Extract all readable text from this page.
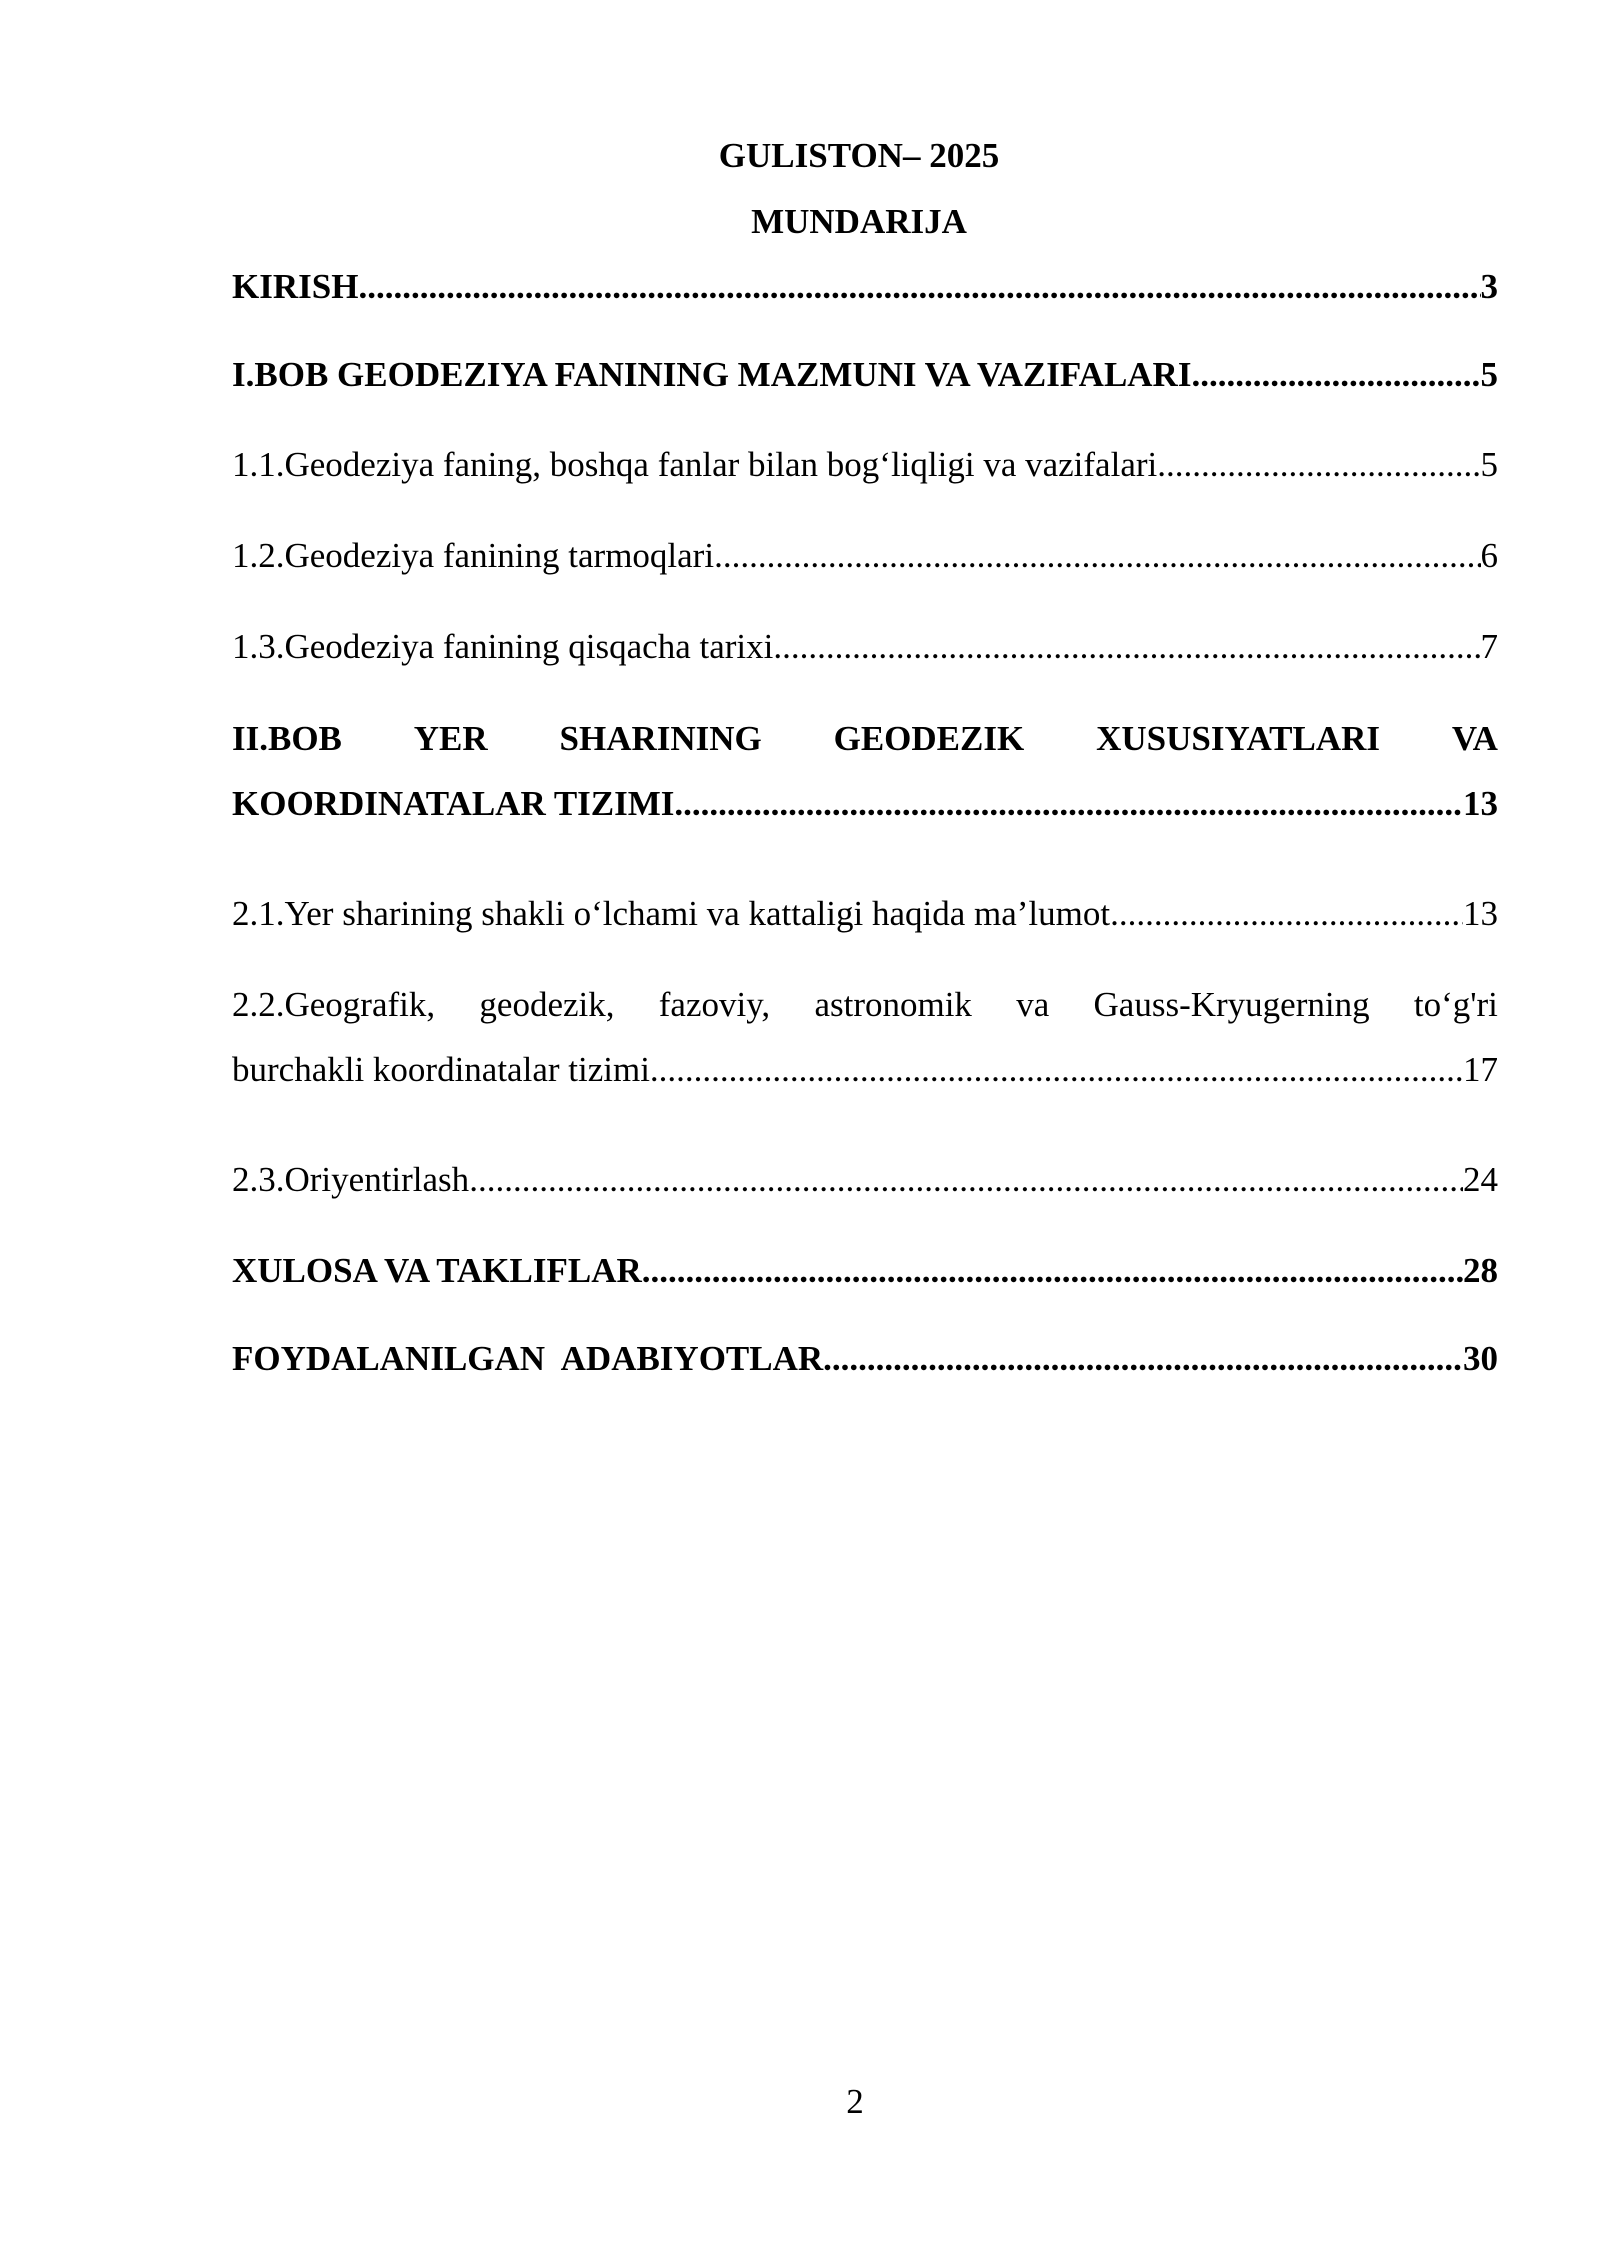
GULISTON– 2025
MUNDARIJA
KIRISH .....	3
I.BOB GEODEZIYA FANINING MAZMUNI VA VAZIFALARI .....	5
1.1.Geodeziya faning, boshqa fanlar bilan bog‘liqligi va vazifalari .....	5
1.2.Geodeziya fanining tarmoqlari .....	6
1.3.Geodeziya fanining qisqacha tarixi .....	7
II.BOB YER SHARINING GEODEZIK XUSUSIYATLARI VA
KOORDINATALAR TIZIMI .....	13
2.1.Yer sharining shakli o‘lchami va kattaligi haqida ma’lumot .....	13
2.2.Geografik, geodezik, fazoviy, astronomik va Gauss-Kryugerning to‘g'ri
burchakli koordinatalar tizimi .....	17
2.3.Oriyentirlash .....	24
XULOSA VA TAKLIFLAR .....	28
FOYDALANILGAN  ADABIYOTLAR .....	30
2
